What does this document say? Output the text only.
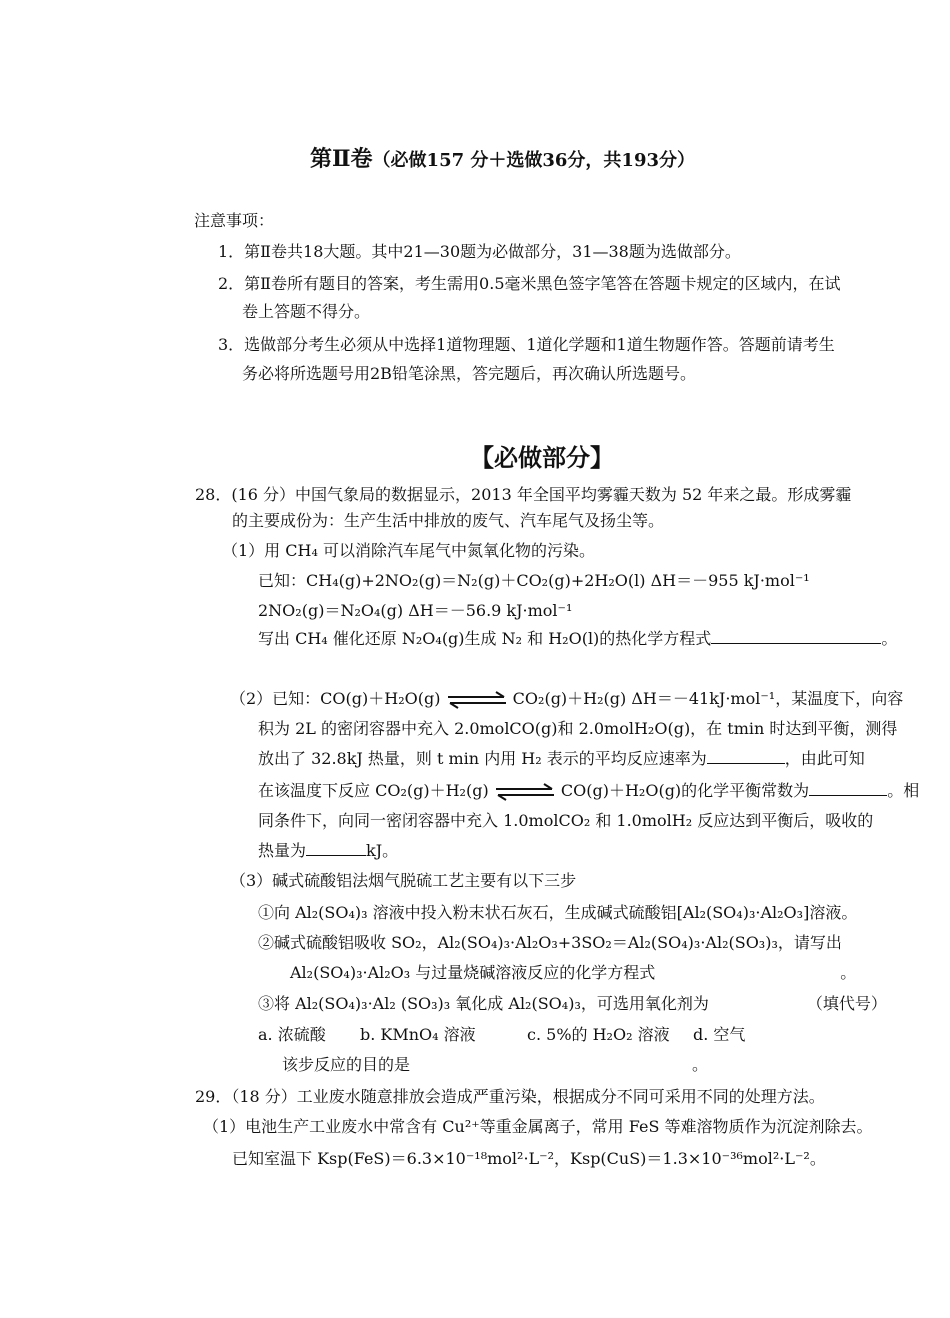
第Ⅱ卷（必做157 分＋选做36分，共193分）
注意事项：
1．第Ⅱ卷共18大题。其中21—30题为必做部分，31—38题为选做部分。
2．第Ⅱ卷所有题目的答案，考生需用0.5毫米黑色签字笔答在答题卡规定的区域内，在试
卷上答题不得分。
3．选做部分考生必须从中选择1道物理题、1道化学题和1道生物题作答。答题前请考生
务必将所选题号用2B铅笔涂黑，答完题后，再次确认所选题号。
【必做部分】
28．(16 分）中国气象局的数据显示，2013 年全国平均雾霾天数为 52 年来之最。形成雾霾
的主要成份为：生产生活中排放的废气、汽车尾气及扬尘等。
（1）用 CH₄ 可以消除汽车尾气中氮氧化物的污染。
已知：CH₄(g)+2NO₂(g)＝N₂(g)＋CO₂(g)+2H₂O(l) ΔH＝－955 kJ·mol⁻¹
2NO₂(g)＝N₂O₄(g) ΔH＝－56.9 kJ·mol⁻¹
写出 CH₄ 催化还原 N₂O₄(g)生成 N₂ 和 H₂O(l)的热化学方程式	。
（2）已知：CO(g)＋H₂O(g) ⇌ CO₂(g)＋H₂(g) ΔH＝－41kJ·mol⁻¹，某温度下，向容
积为 2L 的密闭容器中充入 2.0molCO(g)和 2.0molH₂O(g)，在 tmin 时达到平衡，测得
放出了 32.8kJ 热量，则 t min 内用 H₂ 表示的平均反应速率为	，由此可知
在该温度下反应 CO₂(g)＋H₂(g) ⇌ CO(g)＋H₂O(g)的化学平衡常数为	。相
同条件下，向同一密闭容器中充入 1.0molCO₂ 和 1.0molH₂ 反应达到平衡后，吸收的
热量为	kJ。
（3）碱式硫酸铝法烟气脱硫工艺主要有以下三步
①向 Al₂(SO₄)₃ 溶液中投入粉末状石灰石，生成碱式硫酸铝[Al₂(SO₄)₃·Al₂O₃]溶液。
②碱式硫酸铝吸收 SO₂，Al₂(SO₄)₃·Al₂O₃+3SO₂＝Al₂(SO₄)₃·Al₂(SO₃)₃，请写出
Al₂(SO₄)₃·Al₂O₃ 与过量烧碱溶液反应的化学方程式	。
③将 Al₂(SO₄)₃·Al₂ (SO₃)₃ 氧化成 Al₂(SO₄)₃，可选用氧化剂为	（填代号）
a. 浓硫酸 b. KMnO₄ 溶液	c. 5%的 H₂O₂ 溶液 d. 空气
该步反应的目的是	。
29．（18 分）工业废水随意排放会造成严重污染，根据成分不同可采用不同的处理方法。
（1）电池生产工业废水中常含有 Cu²⁺等重金属离子，常用 FeS 等难溶物质作为沉淀剂除去。
已知室温下 Ksp(FeS)＝6.3×10⁻¹⁸mol²·L⁻²，Ksp(CuS)＝1.3×10⁻³⁶mol²·L⁻²。
